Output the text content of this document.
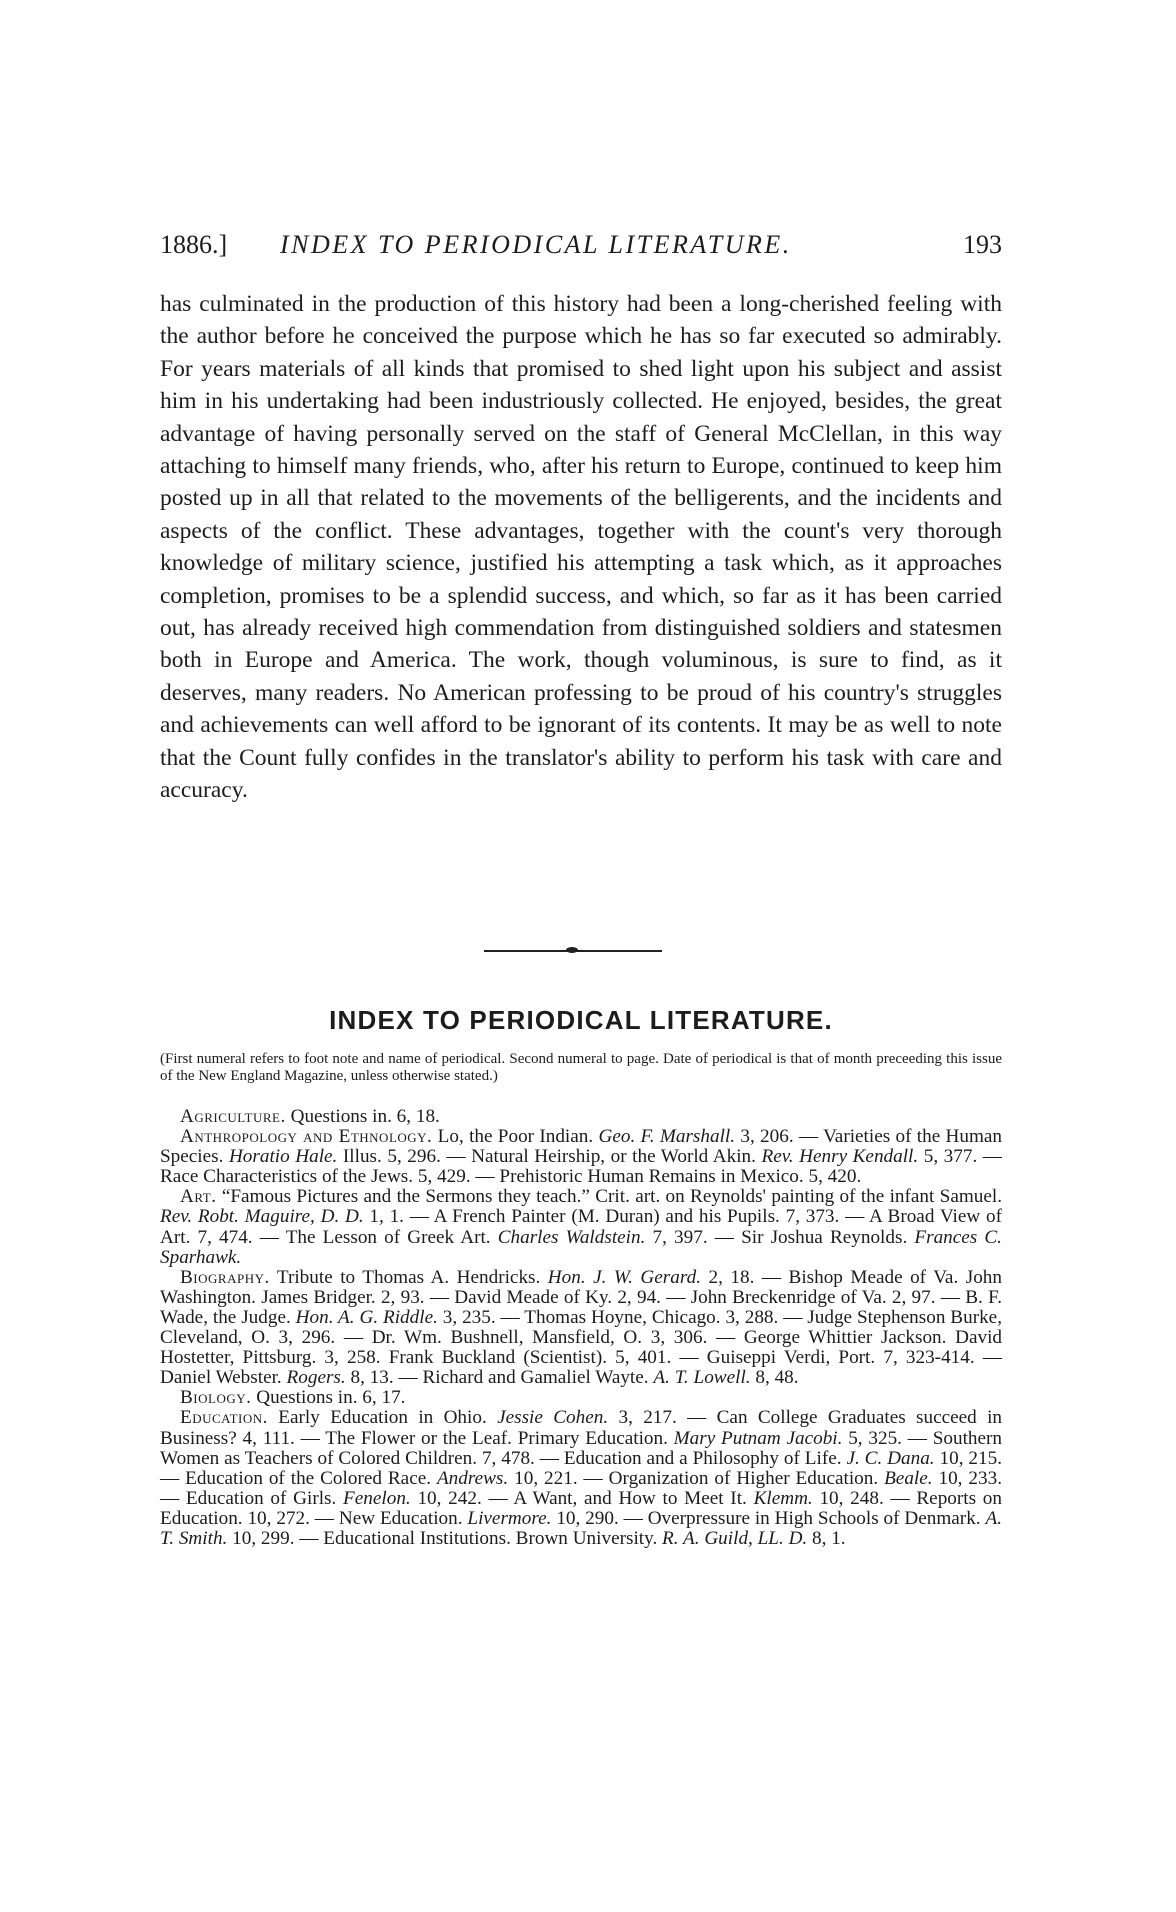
1886.] INDEX TO PERIODICAL LITERATURE.	193

has culminated in the production of this history had been a long-cherished feeling with the author before he conceived the purpose which he has so far executed so admirably. For years materials of all kinds that promised to shed light upon his subject and assist him in his undertaking had been industriously collected. He enjoyed, besides, the great advantage of having personally served on the staff of General McClellan, in this way attaching to himself many friends, who, after his return to Europe, continued to keep him posted up in all that related to the movements of the belligerents, and the incidents and aspects of the conflict. These advantages, together with the count's very thorough knowledge of military science, justified his attempting a task which, as it approaches completion, promises to be a splendid success, and which, so far as it has been carried out, has already received high commendation from distinguished soldiers and statesmen both in Europe and America. The work, though voluminous, is sure to find, as it deserves, many readers. No American professing to be proud of his country's struggles and achievements can well afford to be ignorant of its contents. It may be as well to note that the Count fully confides in the translator's ability to perform his task with care and accuracy.

INDEX TO PERIODICAL LITERATURE.
(First numeral refers to foot note and name of periodical. Second numeral to page. Date of periodical is that of month preceeding this issue of the New England Magazine, unless otherwise stated.)

Agriculture. Questions in. 6, 18.

Anthropology and Ethnology. Lo, the Poor Indian. Geo. F. Marshall. 3, 206. — Varieties of the Human Species. Horatio Hale. Illus. 5, 296. — Natural Heirship, or the World Akin. Rev. Henry Kendall. 5, 377. — Race Characteristics of the Jews. 5, 429. — Prehistoric Human Remains in Mexico. 5, 420.

Art. “Famous Pictures and the Sermons they teach.” Crit. art. on Reynolds' painting of the infant Samuel. Rev. Robt. Maguire, D. D. 1, 1. — A French Painter (M. Duran) and his Pupils. 7, 373. — A Broad View of Art. 7, 474. — The Lesson of Greek Art. Charles Waldstein. 7, 397. — Sir Joshua Reynolds. Frances C. Sparhawk.

Biography. Tribute to Thomas A. Hendricks. Hon. J. W. Gerard. 2, 18. — Bishop Meade of Va. John Washington. James Bridger. 2, 93. — David Meade of Ky. 2, 94. — John Breckenridge of Va. 2, 97. — B. F. Wade, the Judge. Hon. A. G. Riddle. 3, 235. — Thomas Hoyne, Chicago. 3, 288. — Judge Stephenson Burke, Cleveland, O. 3, 296. — Dr. Wm. Bushnell, Mansfield, O. 3, 306. — George Whittier Jackson. David Hostetter, Pittsburg. 3, 258. Frank Buckland (Scientist). 5, 401. — Guiseppi Verdi, Port. 7, 323-414. — Daniel Webster. Rogers. 8, 13. — Richard and Gamaliel Wayte. A. T. Lowell. 8, 48.

Biology. Questions in. 6, 17.

Education. Early Education in Ohio. Jessie Cohen. 3, 217. — Can College Graduates succeed in Business? 4, 111. — The Flower or the Leaf. Primary Education. Mary Putnam Jacobi. 5, 325. — Southern Women as Teachers of Colored Children. 7, 478. — Education and a Philosophy of Life. J. C. Dana. 10, 215. — Education of the Colored Race. Andrews. 10, 221. — Organization of Higher Education. Beale. 10, 233. — Education of Girls. Fenelon. 10, 242. — A Want, and How to Meet It. Klemm. 10, 248. — Reports on Education. 10, 272. — New Education. Livermore. 10, 290. — Overpressure in High Schools of Denmark. A. T. Smith. 10, 299. — Educational Institutions. Brown University. R. A. Guild, LL. D. 8, 1.
